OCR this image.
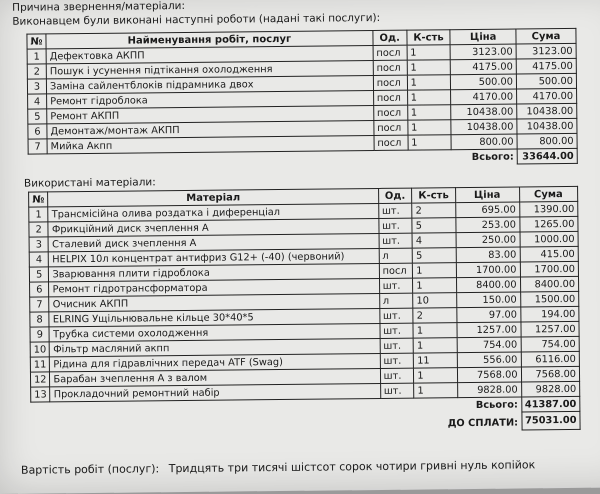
Причина звернення/матеріали:
Виконавцем були виконані наступні роботи (надані такі послуги):
№	Найменування робіт, послуг	Од.	К-сть	Ціна	Сума
1	Дефектовка АКПП	посл	1	3123.00	3123.00
2	Пошук і усунення підтікання охолодження	посл	1	4175.00	4175.00
3	Заміна сайлентблоків підрамника двох	посл	1	500.00	500.00
4	Ремонт гідроблока	посл	1	4170.00	4170.00
5	Ремонт АКПП	посл	1	10438.00	10438.00
6	Демонтаж/монтаж АКПП	посл	1	10438.00	10438.00
7	Мийка Акпп	посл	1	800.00	800.00
Всього:					33644.00
Використані матеріали:
№	Матеріал	Од.	К-сть	Ціна	Сума
1	Трансмісійна олива роздатка і диференціал	шт.	2	695.00	1390.00
2	Фрикційний диск зчеплення А	шт.	5	253.00	1265.00
3	Сталевий диск зчеплення А	шт.	4	250.00	1000.00
4	HELPIX 10л концентрат антифриз G12+ (-40) (червоний)	л	5	83.00	415.00
5	Зварювання плити гідроблока	посл	1	1700.00	1700.00
6	Ремонт гідротрансформатора	шт.	1	8400.00	8400.00
7	Очисник АКПП	л	10	150.00	1500.00
8	ELRING Ущільнювальне кільце 30*40*5	шт.	2	97.00	194.00
9	Трубка системи охолодження	шт.	1	1257.00	1257.00
10	Фільтр масляний акпп	шт.	1	754.00	754.00
11	Рідина для гідравлічних передач ATF (Swag)	шт.	11	556.00	6116.00
12	Барабан зчеплення А з валом	шт.	1	7568.00	7568.00
13	Прокладочний ремонтний набір	шт.	1	9828.00	9828.00
Всього:					41387.00
ДО СПЛАТИ:					75031.00
Вартість робіт (послуг): Тридцять три тисячі шістсот сорок чотири гривні нуль копійок
